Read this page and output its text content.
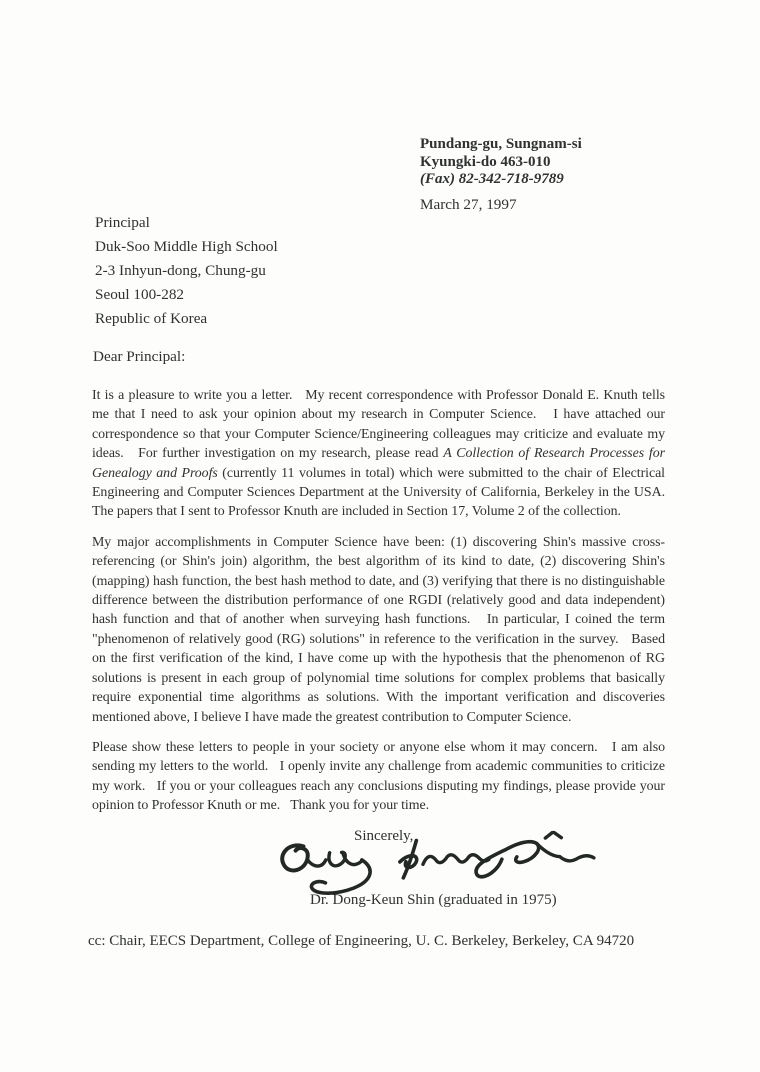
Pundang-gu, Sungnam-si
Kyungki-do 463-010
(Fax) 82-342-718-9789
March 27, 1997
Principal
Duk-Soo Middle High School
2-3 Inhyun-dong, Chung-gu
Seoul 100-282
Republic of Korea
Dear Principal:

It is a pleasure to write you a letter.   My recent correspondence with Professor Donald E. Knuth tells me that I need to ask your opinion about my research in Computer Science.   I have attached our correspondence so that your Computer Science/Engineering colleagues may criticize and evaluate my ideas.   For further investigation on my research, please read A Collection of Research Processes for Genealogy and Proofs (currently 11 volumes in total) which were submitted to the chair of Electrical Engineering and Computer Sciences Department at the University of California, Berkeley in the USA.  The papers that I sent to Professor Knuth are included in Section 17, Volume 2 of the collection.

My major accomplishments in Computer Science have been: (1) discovering Shin's massive cross-referencing (or Shin's join) algorithm, the best algorithm of its kind to date, (2) discovering Shin's (mapping) hash function, the best hash method to date, and (3) verifying that there is no distinguishable difference between the distribution performance of one RGDI (relatively good and data independent) hash function and that of another when surveying hash functions.   In particular, I coined the term "phenomenon of relatively good (RG) solutions" in reference to the verification in the survey.   Based on the first verification of the kind, I have come up with the hypothesis that the phenomenon of RG solutions is present in each group of polynomial time solutions for complex problems that basically require exponential time algorithms as solutions. With the important verification and discoveries mentioned above, I believe I have made the greatest contribution to Computer Science.

Please show these letters to people in your society or anyone else whom it may concern.   I am also sending my letters to the world.   I openly invite any challenge from academic communities to criticize my work.   If you or your colleagues reach any conclusions disputing my findings, please provide your opinion to Professor Knuth or me.   Thank you for your time.

Sincerely,
Dr. Dong-Keun Shin (graduated in 1975)
cc: Chair, EECS Department, College of Engineering, U. C. Berkeley, Berkeley, CA 94720
